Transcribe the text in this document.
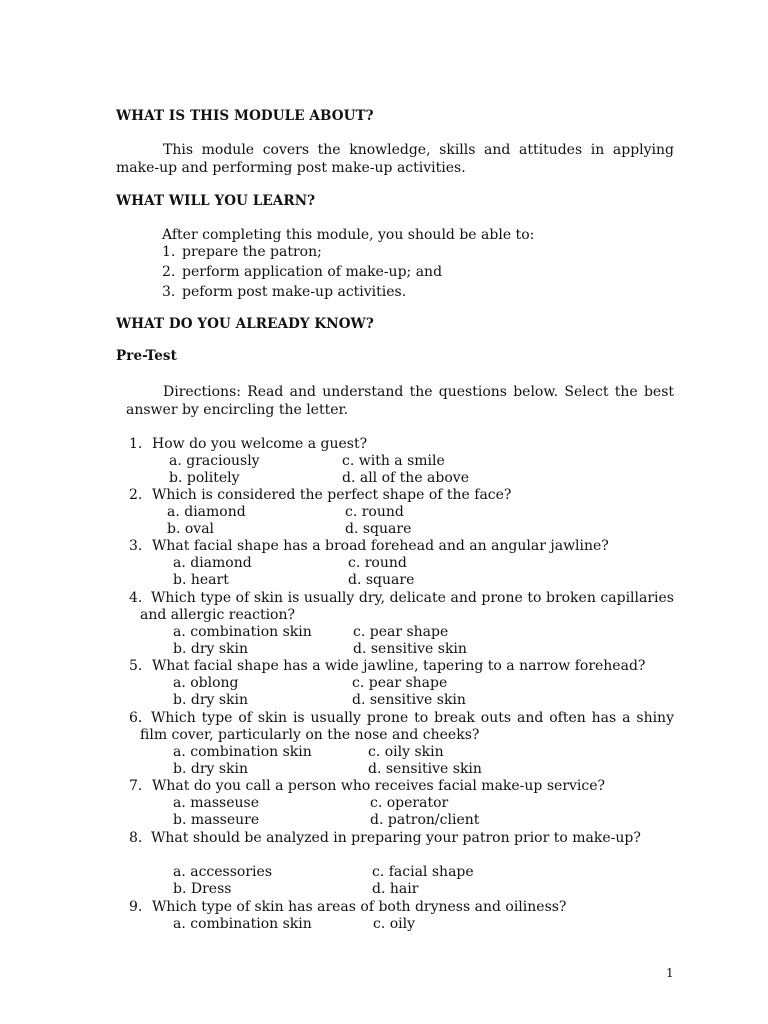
WHAT IS THIS MODULE ABOUT?
This module covers the knowledge, skills and attitudes in applying make-up and performing post make-up activities.
WHAT WILL YOU LEARN?
After completing this module, you should be able to:
1. prepare the patron;
2. perform application of make-up; and
3. peform post make-up activities.
WHAT DO YOU ALREADY KNOW?
Pre-Test
Directions: Read and understand the questions below. Select the best answer by encircling the letter.
1. How do you welcome a guest?
a. graciously	c. with a smile
b. politely	d. all of the above
2. Which is considered the perfect shape of the face?
a. diamond	c. round
b. oval	d. square
3. What facial shape has a broad forehead and an angular jawline?
a. diamond	c. round
b. heart	d. square
4. Which type of skin is usually dry, delicate and prone to broken capillaries and allergic reaction?
a. combination skin	c. pear shape
b. dry skin	d. sensitive skin
5. What facial shape has a wide jawline, tapering to a narrow forehead?
a. oblong	c. pear shape
b. dry skin	d. sensitive skin
6. Which type of skin is usually prone to break outs and often has a shiny film cover, particularly on the nose and cheeks?
a. combination skin	c. oily skin
b. dry skin	d. sensitive skin
7. What do you call a person who receives facial make-up service?
a. masseuse	c. operator
b. masseure	d. patron/client
8. What should be analyzed in preparing your patron prior to make-up?
a. accessories	c. facial shape
b. Dress	d. hair
9. Which type of skin has areas of both dryness and oiliness?
a. combination skin	c. oily
1
